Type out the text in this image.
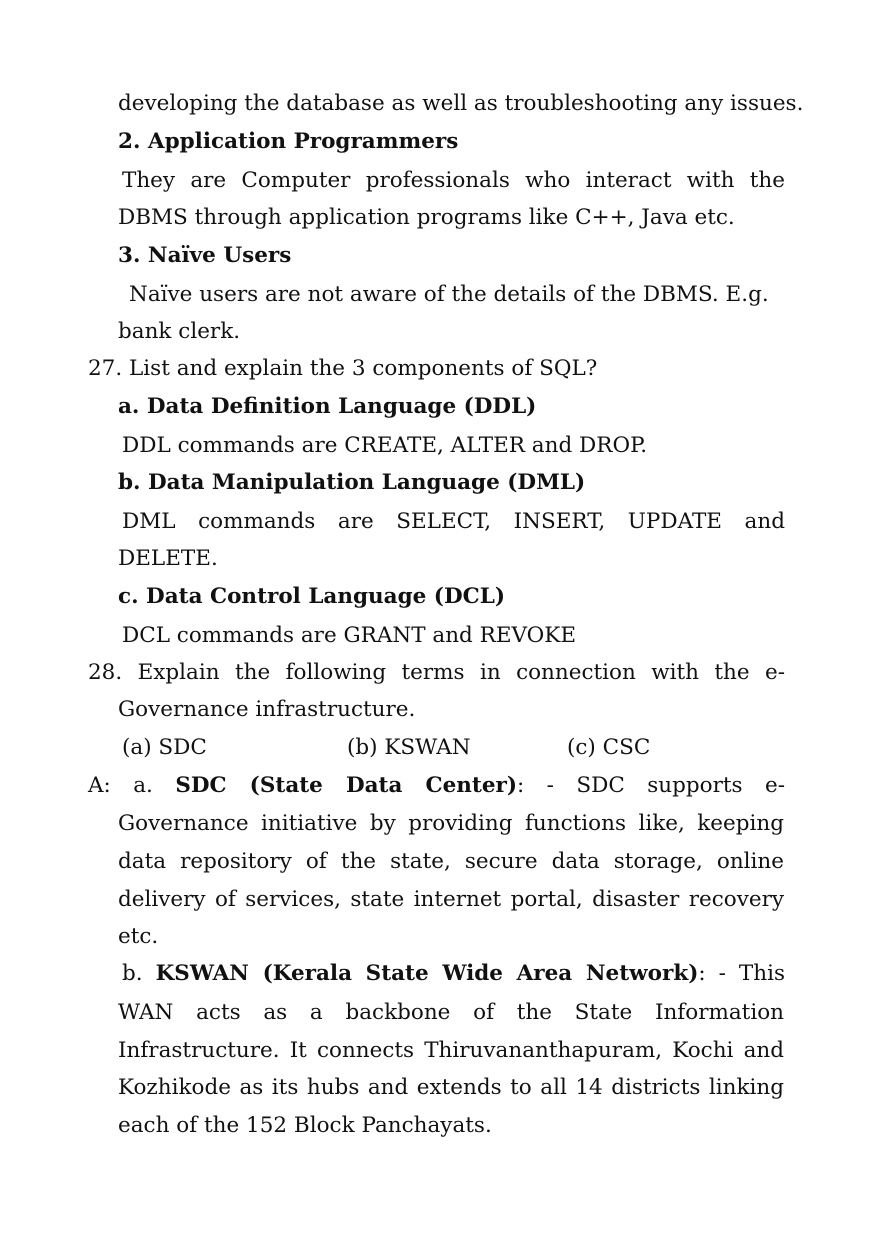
developing the database as well as troubleshooting any issues.
2. Application Programmers
They are Computer professionals who interact with the
DBMS through application programs like C++, Java etc.
3. Naïve Users
Naïve users are not aware of the details of the DBMS. E.g.
bank clerk.
27. List and explain the 3 components of SQL?
a. Data Definition Language (DDL)
DDL commands are CREATE, ALTER and DROP.
b. Data Manipulation Language (DML)
DML commands are SELECT, INSERT, UPDATE and
DELETE.
c. Data Control Language (DCL)
DCL commands are GRANT and REVOKE
28. Explain the following terms in connection with the e-
Governance infrastructure.
(a) SDC	(b) KSWAN	(c) CSC
A: a. SDC (State Data Center): - SDC supports e-
Governance initiative by providing functions like, keeping
data repository of the state, secure data storage, online
delivery of services, state internet portal, disaster recovery
etc.
b. KSWAN (Kerala State Wide Area Network): - This
WAN acts as a backbone of the State Information
Infrastructure. It connects Thiruvananthapuram, Kochi and
Kozhikode as its hubs and extends to all 14 districts linking
each of the 152 Block Panchayats.
